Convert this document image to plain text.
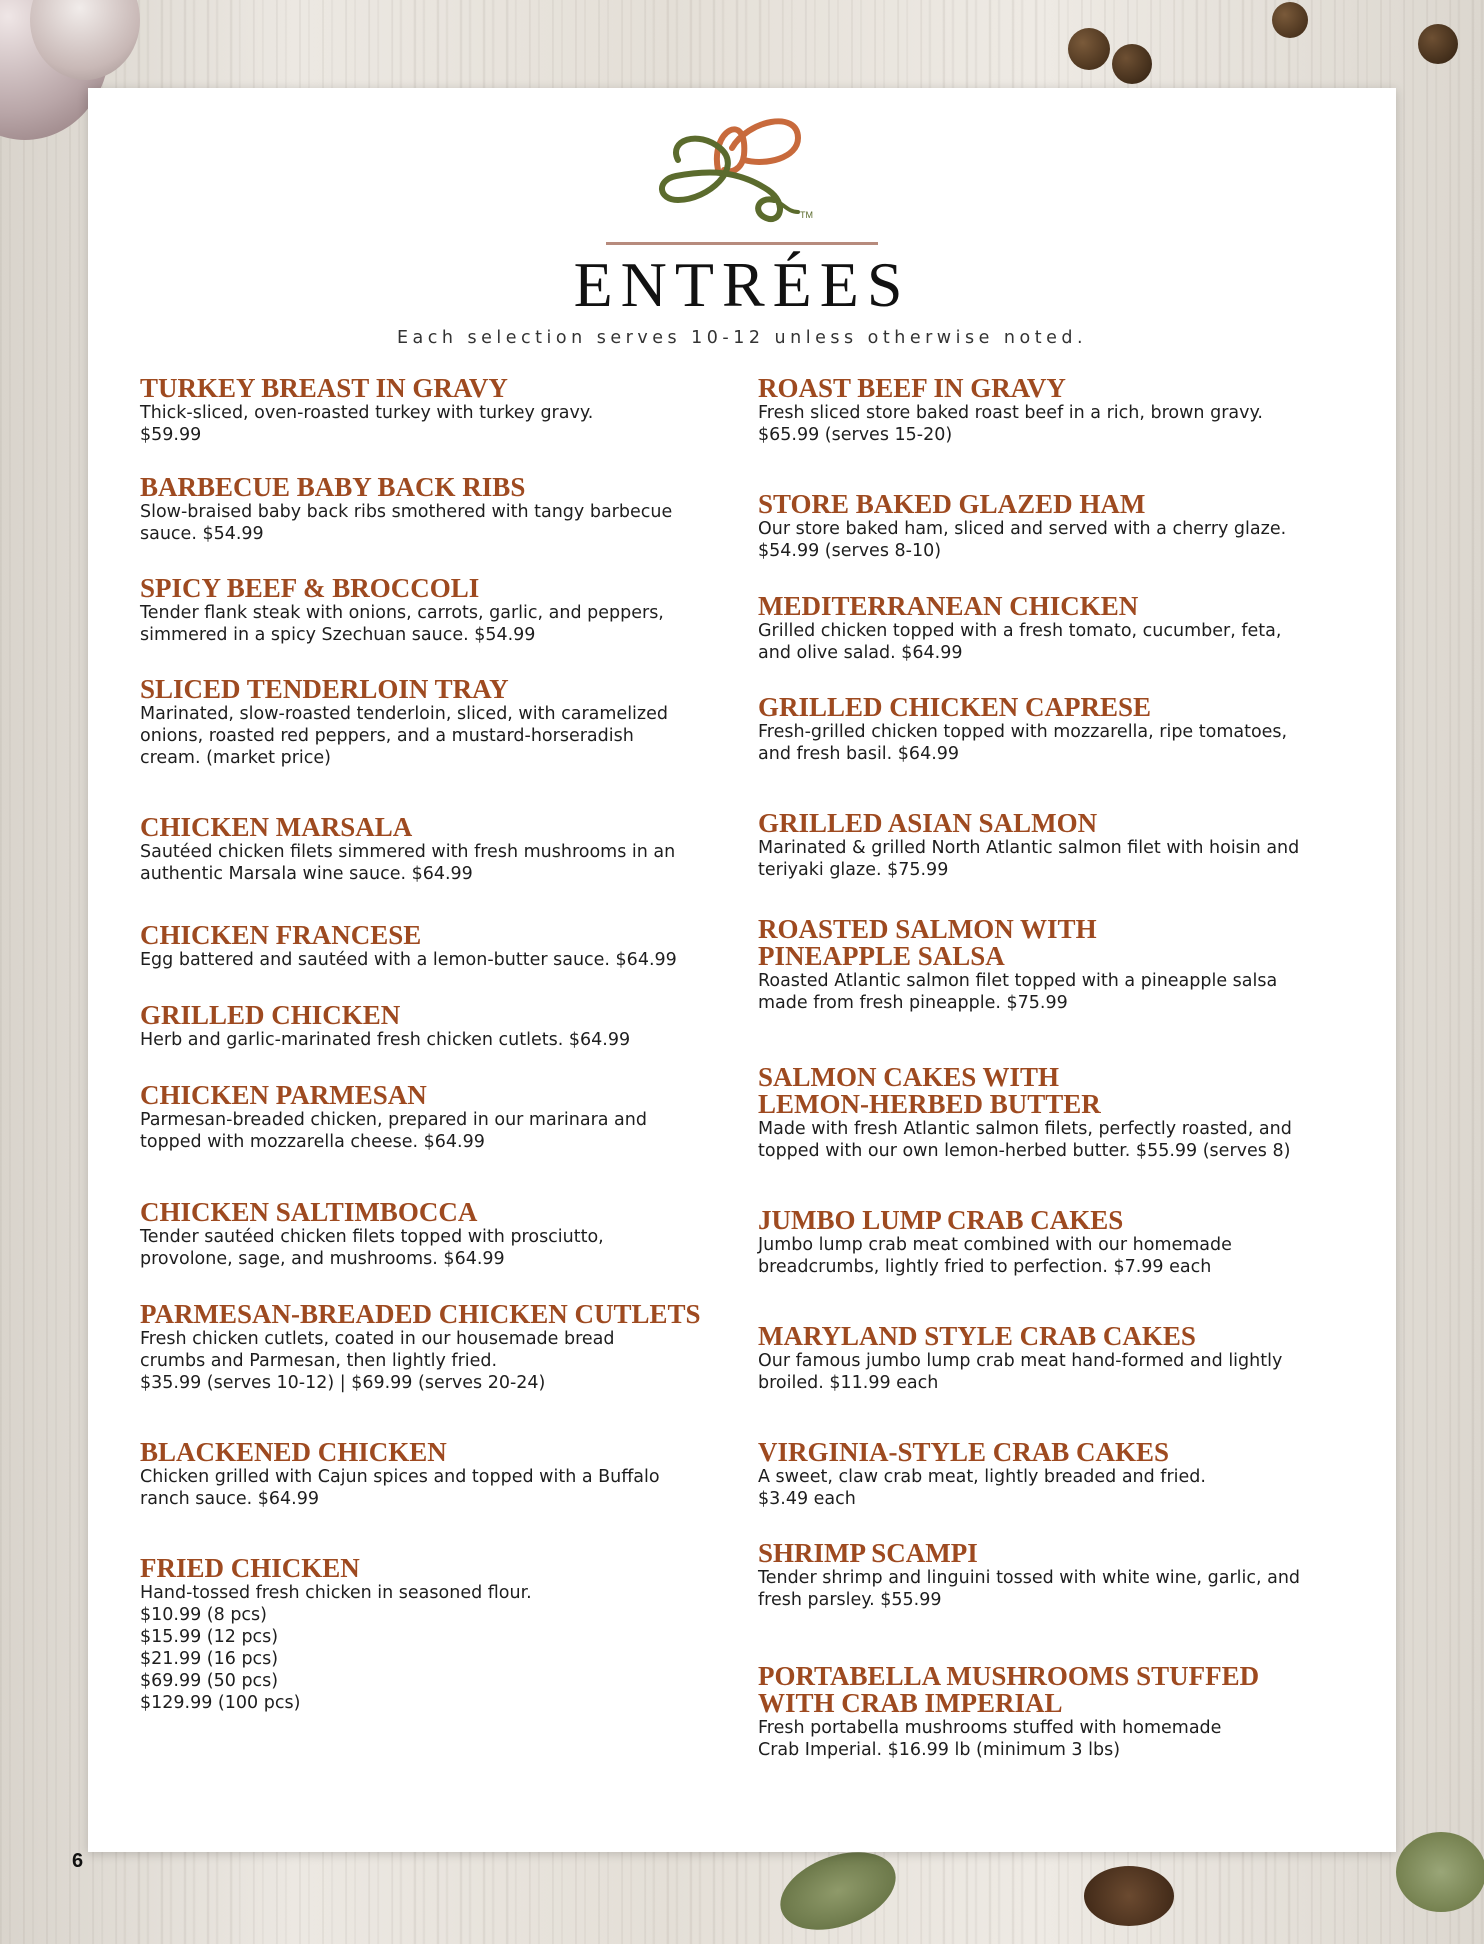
TM
ENTRÉES
Each selection serves 10-12 unless otherwise noted.
TURKEY BREAST IN GRAVY
Thick-sliced, oven-roasted turkey with turkey gravy.
$59.99
BARBECUE BABY BACK RIBS
Slow-braised baby back ribs smothered with tangy barbecue
sauce. $54.99
SPICY BEEF & BROCCOLI
Tender flank steak with onions, carrots, garlic, and peppers,
simmered in a spicy Szechuan sauce. $54.99
SLICED TENDERLOIN TRAY
Marinated, slow-roasted tenderloin, sliced, with caramelized
onions, roasted red peppers, and a mustard-horseradish
cream. (market price)
CHICKEN MARSALA
Sautéed chicken filets simmered with fresh mushrooms in an
authentic Marsala wine sauce. $64.99
CHICKEN FRANCESE
Egg battered and sautéed with a lemon-butter sauce. $64.99
GRILLED CHICKEN
Herb and garlic-marinated fresh chicken cutlets. $64.99
CHICKEN PARMESAN
Parmesan-breaded chicken, prepared in our marinara and
topped with mozzarella cheese. $64.99
CHICKEN SALTIMBOCCA
Tender sautéed chicken filets topped with prosciutto,
provolone, sage, and mushrooms. $64.99
PARMESAN-BREADED CHICKEN CUTLETS
Fresh chicken cutlets, coated in our housemade bread
crumbs and Parmesan, then lightly fried.
$35.99 (serves 10-12) | $69.99 (serves 20-24)
BLACKENED CHICKEN
Chicken grilled with Cajun spices and topped with a Buffalo
ranch sauce. $64.99
FRIED CHICKEN
Hand-tossed fresh chicken in seasoned flour.
$10.99 (8 pcs)
$15.99 (12 pcs)
$21.99 (16 pcs)
$69.99 (50 pcs)
$129.99 (100 pcs)
ROAST BEEF IN GRAVY
Fresh sliced store baked roast beef in a rich, brown gravy.
$65.99 (serves 15-20)
STORE BAKED GLAZED HAM
Our store baked ham, sliced and served with a cherry glaze.
$54.99 (serves 8-10)
MEDITERRANEAN CHICKEN
Grilled chicken topped with a fresh tomato, cucumber, feta,
and olive salad. $64.99
GRILLED CHICKEN CAPRESE
Fresh-grilled chicken topped with mozzarella, ripe tomatoes,
and fresh basil. $64.99
GRILLED ASIAN SALMON
Marinated & grilled North Atlantic salmon filet with hoisin and
teriyaki glaze. $75.99
ROASTED SALMON WITH
PINEAPPLE SALSA
Roasted Atlantic salmon filet topped with a pineapple salsa
made from fresh pineapple. $75.99
SALMON CAKES WITH
LEMON-HERBED BUTTER
Made with fresh Atlantic salmon filets, perfectly roasted, and
topped with our own lemon-herbed butter. $55.99 (serves 8)
JUMBO LUMP CRAB CAKES
Jumbo lump crab meat combined with our homemade
breadcrumbs, lightly fried to perfection. $7.99 each
MARYLAND STYLE CRAB CAKES
Our famous jumbo lump crab meat hand-formed and lightly
broiled. $11.99 each
VIRGINIA-STYLE CRAB CAKES
A sweet, claw crab meat, lightly breaded and fried.
$3.49 each
SHRIMP SCAMPI
Tender shrimp and linguini tossed with white wine, garlic, and
fresh parsley. $55.99
PORTABELLA MUSHROOMS STUFFED
WITH CRAB IMPERIAL
Fresh portabella mushrooms stuffed with homemade
Crab Imperial. $16.99 lb (minimum 3 lbs)
6
